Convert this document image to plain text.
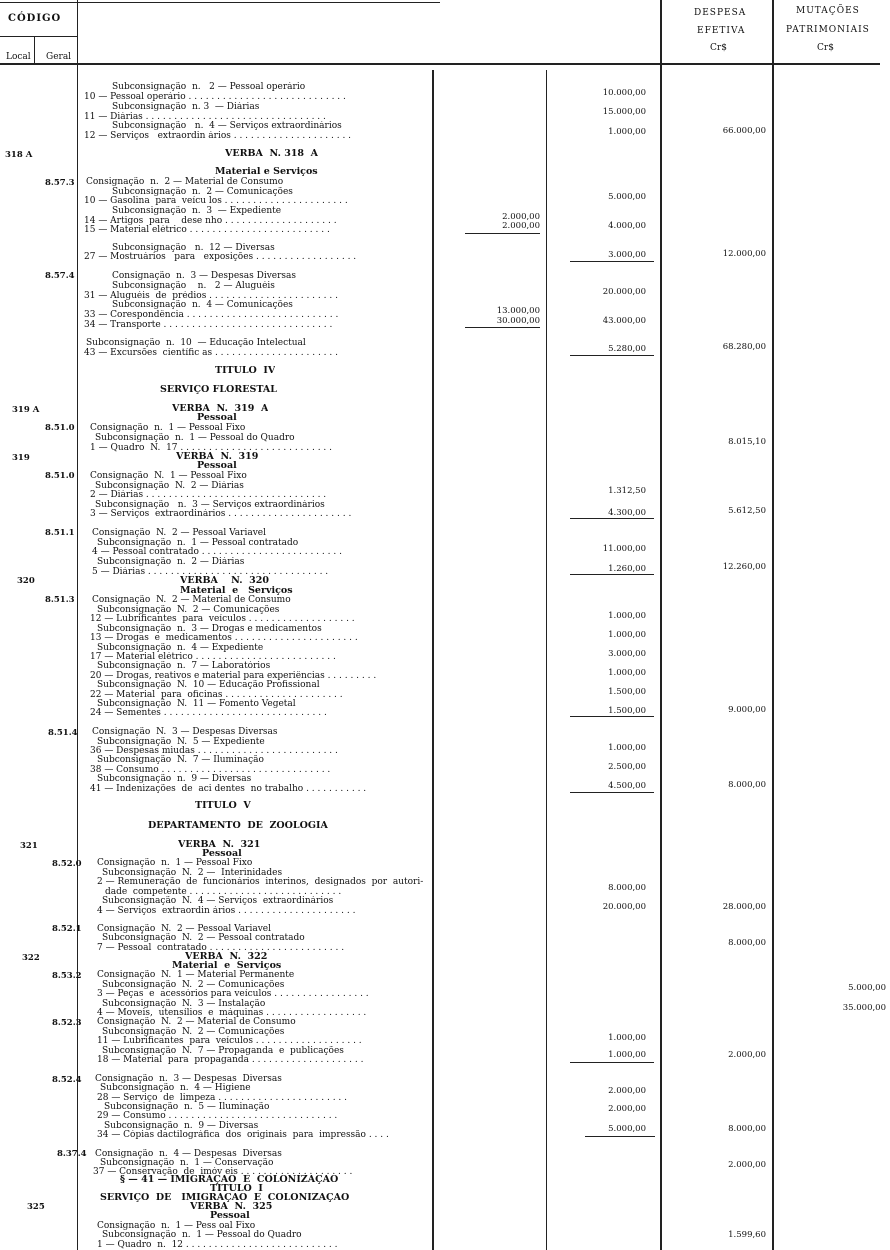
CÓDIGO
Local Geral
DESPESA
EFETIVA
Cr$
MUTAÇÕES
PATRIMONIAIS
Cr$
Subconsignação  n.   2 — Pessoal operário
10 — Pessoal operário . . . . . . . . . . . . . . . . . . . . . . . . . . . .
Subconsignação  n. 3  — Diárias
11 — Diárias . . . . . . . . . . . . . . . . . . . . . . . . . . . . . . . .
Subconsignação   n.  4 — Serviços extraordinários
12 — Serviços   extraordin ários . . . . . . . . . . . . . . . . . . . . .
VERBA  N. 318  A
Material e Serviços
Consignação  n.  2 — Material de Consumo
Subconsignação  n.  2 — Comunicações
10 — Gasolina  para  veícu los . . . . . . . . . . . . . . . . . . . . . .
Subconsignação  n.  3  — Expediente
14 — Artigos  para    dese nho . . . . . . . . . . . . . . . . . . . .
15 — Material elétrico . . . . . . . . . . . . . . . . . . . . . . . . .
Subconsignação   n.  12 — Diversas
27 — Mostruários   para   exposições . . . . . . . . . . . . . . . . . .
Consignação  n.  3 — Despesas Diversas
Subconsignação    n.   2 — Aluguéis
31 — Aluguéis  de  prédios . . . . . . . . . . . . . . . . . . . . . . .
Subconsignação  n.  4 — Comunicações
33 — Corespondência . . . . . . . . . . . . . . . . . . . . . . . . . . .
34 — Transporte . . . . . . . . . . . . . . . . . . . . . . . . . . . . . .
Subconsignação  n.  10  — Educação Intelectual
43 — Excursões  científic as . . . . . . . . . . . . . . . . . . . . . .
TITULO  IV
SERVIÇO FLORESTAL
VERBA  N.  319  A
Pessoal
Consignação  n.  1 — Pessoal Fixo
Subconsignação  n.  1 — Pessoal do Quadro
1 — Quadro  N.  17 . . . . . . . . . . . . . . . . . . . . . . . . . . .
VERBA  N.  319
Pessoal
Consignação  N.  1 — Pessoal Fixo
Subconsignação  N.  2 — Diárias
2 — Diárias . . . . . . . . . . . . . . . . . . . . . . . . . . . . . . . .
Subconsignação   n.  3 — Serviços extraordinários
3 — Serviços  extraordinários . . . . . . . . . . . . . . . . . . . . . .
Consignação  N.  2 — Pessoal Variavel
Subconsignação  n.  1 — Pessoal contratado
4 — Pessoal contratado . . . . . . . . . . . . . . . . . . . . . . . . .
Subconsignação  n.  2 — Diárias
5 — Diárias . . . . . . . . . . . . . . . . . . . . . . . . . . . . . . . .
VERBA    N.  320
Material  e   Serviços
Consignação  N.  2 — Material de Consumo
Subconsignação  N.  2 — Comunicações
12 — Lubrificantes  para  veículos . . . . . . . . . . . . . . . . . . .
Subconsignação  n.  3 — Drogas e medicamentos
13 — Drogas  e  medicamentos . . . . . . . . . . . . . . . . . . . . . .
Subconsignação  n.  4 — Expediente
17 — Material elétrico . . . . . . . . . . . . . . . . . . . . . . . . .
Subconsignação  n.  7 — Laboratórios
20 — Drogas, reativos e material para experiências . . . . . . . . .
Subconsignação  N.  10 — Educação Profissional
22 — Material  para  oficinas . . . . . . . . . . . . . . . . . . . . .
Subconsignação  N.  11 — Fomento Vegetal
24 — Sementes . . . . . . . . . . . . . . . . . . . . . . . . . . . . .
Consignação  N.  3 — Despesas Diversas
Subconsignação  N.  5 — Expediente
36 — Despesas miudas . . . . . . . . . . . . . . . . . . . . . . . . .
Subconsignação  N.  7 — Iluminação
38 — Consumo . . . . . . . . . . . . . . . . . . . . . . . . . . . . . .
Subconsignação  n.  9 — Diversas
41 — Indenizações  de  aci dentes  no trabalho . . . . . . . . . . .
TÍTULO  V
DEPARTAMENTO  DE  ZOOLOGIA
VERBA  N.  321
Pessoal
Consignação  n.  1 — Pessoal Fixo
Subconsignação  N.  2 —  Interinidades
2 — Remuneração  de  funcionários  interinos,  designados  por  autori-
dade  competente . . . . . . . . . . . . . . . . . . . . . . . . . . .
Subconsignação  N.  4 — Serviços  extraordinários
4 — Serviços  extraordin ários . . . . . . . . . . . . . . . . . . . . .
Consignação  N.  2 — Pessoal Variavel
Subconsignação  N.  2 — Pessoal contratado
7 — Pessoal  contratado . . . . . . . . . . . . . . . . . . . . . . . .
VERBA  N.  322
Material  e  Serviços
Consignação  N.  1 — Material Permanente
Subconsignação  N.  2 — Comunicações
3 — Peças  e  acessórios para veículos . . . . . . . . . . . . . . . . .
Subconsignação  N.  3 — Instalação
4 — Moveis,  utensílios  e  máquinas . . . . . . . . . . . . . . . . . .
Consignação  N.  2 — Material de Consumo
Subconsignação  N.  2 — Comunicações
11 — Lubrificantes  para  veículos . . . . . . . . . . . . . . . . . . .
Subconsignação  N.  7 — Propaganda  e  publicações
18 — Material  para  propaganda . . . . . . . . . . . . . . . . . . . .
Consignação  n.  3 — Despesas  Diversas
Subconsignação  n.  4 — Higiene
28 — Serviço  de  limpeza . . . . . . . . . . . . . . . . . . . . . . .
Subconsignação  n.  5 — Iluminação
29 — Consumo . . . . . . . . . . . . . . . . . . . . . . . . . . . . . .
Subconsignação  n.  9 — Diversas
34 — Cópias dactilográfica  dos  originais  para  impressão . . . .
Consignação  n.  4 — Despesas  Diversas
Subconsignação  n.  1 — Conservação
37 — Conservação  de  imóv eis . . . . . . . . . . . . . . . . . . . .
§ — 41 — IMIGRAÇÃO  E  COLONIZAÇÃO
TITULO  I
SERVIÇO  DE   IMIGRAÇÃO  E  COLONIZAÇÃO
VERBA  N.  325
Pessoal
Consignação  n.  1 — Pess oal Fixo
Subconsignação  n.  1 — Pessoal do Quadro
1 — Quadro  n.  12 . . . . . . . . . . . . . . . . . . . . . . . . . . .
318 A
8.57.3
8.57.4
319 A
8.51.0
319
8.51.0
8.51.1
320
8.51.3
8.51.4
321
8.52.0
8.52.1
322
8.53.2
8.52.3
8.52.4
8.37.4
325
2.000,00
2.000,00
13.000,00
30.000,00
10.000,00
15.000,00
1.000,00
5.000,00
4.000,00
3.000,00
20.000,00
43.000,00
5.280,00
1.312,50
4.300,00
11.000,00
1.260,00
1.000,00
1.000,00
3.000,00
1.000,00
1.500,00
1.500,00
1.000,00
2.500,00
4.500,00
8.000,00
20.000,00
1.000,00
1.000,00
2.000,00
2.000,00
5.000,00
66.000,00
12.000,00
68.280,00
8.015,10
5.612,50
12.260,00
9.000,00
8.000,00
28.000,00
8.000,00
2.000,00
8.000,00
2.000,00
1.599,60
5.000,00
35.000,00
